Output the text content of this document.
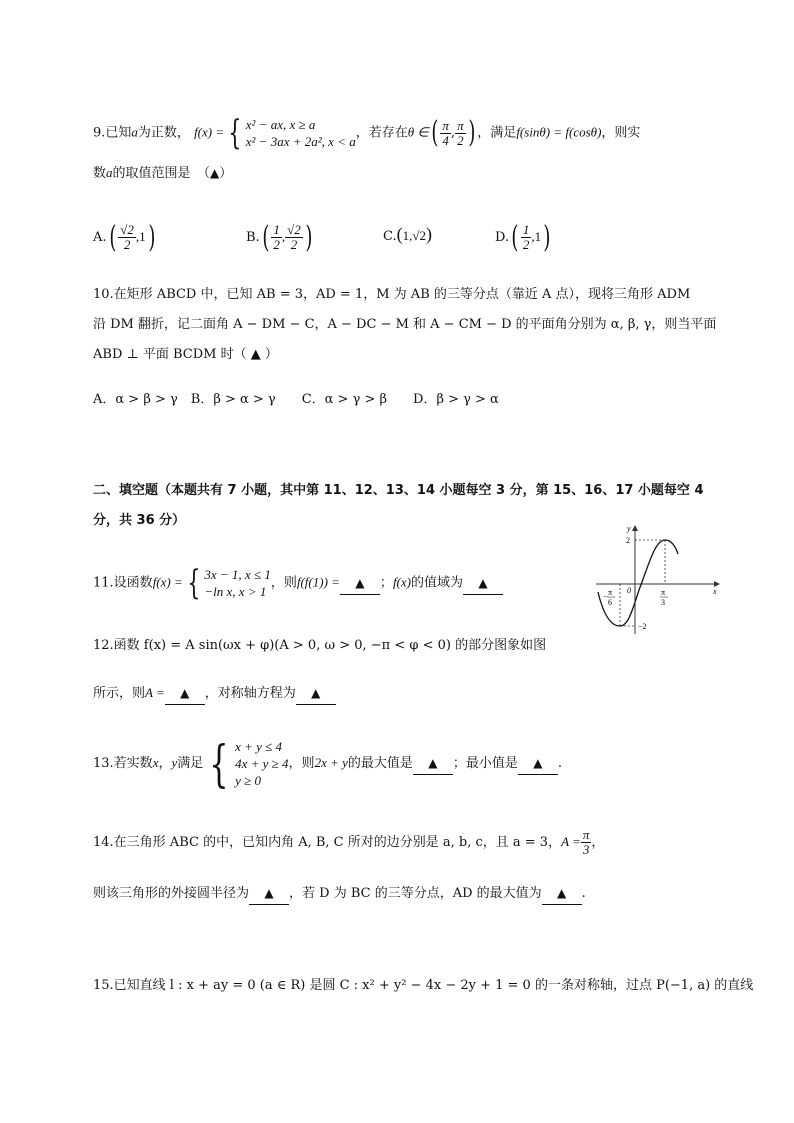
9.已知a为正数， f(x) = { x² − ax, x ≥ a
x² − 3ax + 2a², x < a
，若存在θ ∈( $\frac{\pi}{4}$ , $\frac{\pi}{2}$ ) ，满足f(sinθ) = f(cosθ)，则实
数a的取值范围是　（▲）
$A.( \frac{√2}{2} ,1)$	$B.( \frac{1}{2}$ , $\frac{√2}{2}$ )	C.(1,√2)	$D.( \frac{1}{2} ,1)$
10.在矩形 ABCD 中，已知 AB = 3，AD = 1，M 为 AB 的三等分点（靠近 A 点），现将三角形 ADM
沿 DM 翻折，记二面角 A − DM − C，A − DC − M 和 A − CM − D 的平面角分别为 α, β, γ，则当平面
ABD ⊥ 平面 BCDM 时（ ▲ ）
A．α > β > γ　B．β > α > γ　　C．α > γ > β　　D．β > γ > α
二、填空题（本题共有 7 小题，其中第 11、12、13、14 小题每空 3 分，第 15、16、17 小题每空 4
分，共 36 分）
11.设函数f(x) = { 3x − 1, x ≤ 1
−ln x, x > 1
，则f(f(1)) = ▲ ；f(x)的值域为 ▲
y
x
2
−2
0
− π
6
π
3
12.函数 f(x) = A sin(ωx + φ)(A > 0, ω > 0, −π < φ < 0) 的部分图象如图
所示，则A = ▲ ，对称轴方程为 ▲
13.若实数x，y满足 { x + y ≤ 4
4x + y ≥ 4
y ≥ 0
，则2x + y的最大值是 ▲ ；最小值是 ▲ .
14.在三角形 ABC 的中，已知内角 A, B, C 所对的边分别是 a, b, c，且 a = 3，$A = \frac{\pi}{3}$ ，
则该三角形的外接圆半径为 ▲ ，若 D 为 BC 的三等分点，AD 的最大值为 ▲ .
15.已知直线 l : x + ay = 0 (a ∈ R) 是圆 C : x² + y² − 4x − 2y + 1 = 0 的一条对称轴，过点 P(−1, a) 的直线
